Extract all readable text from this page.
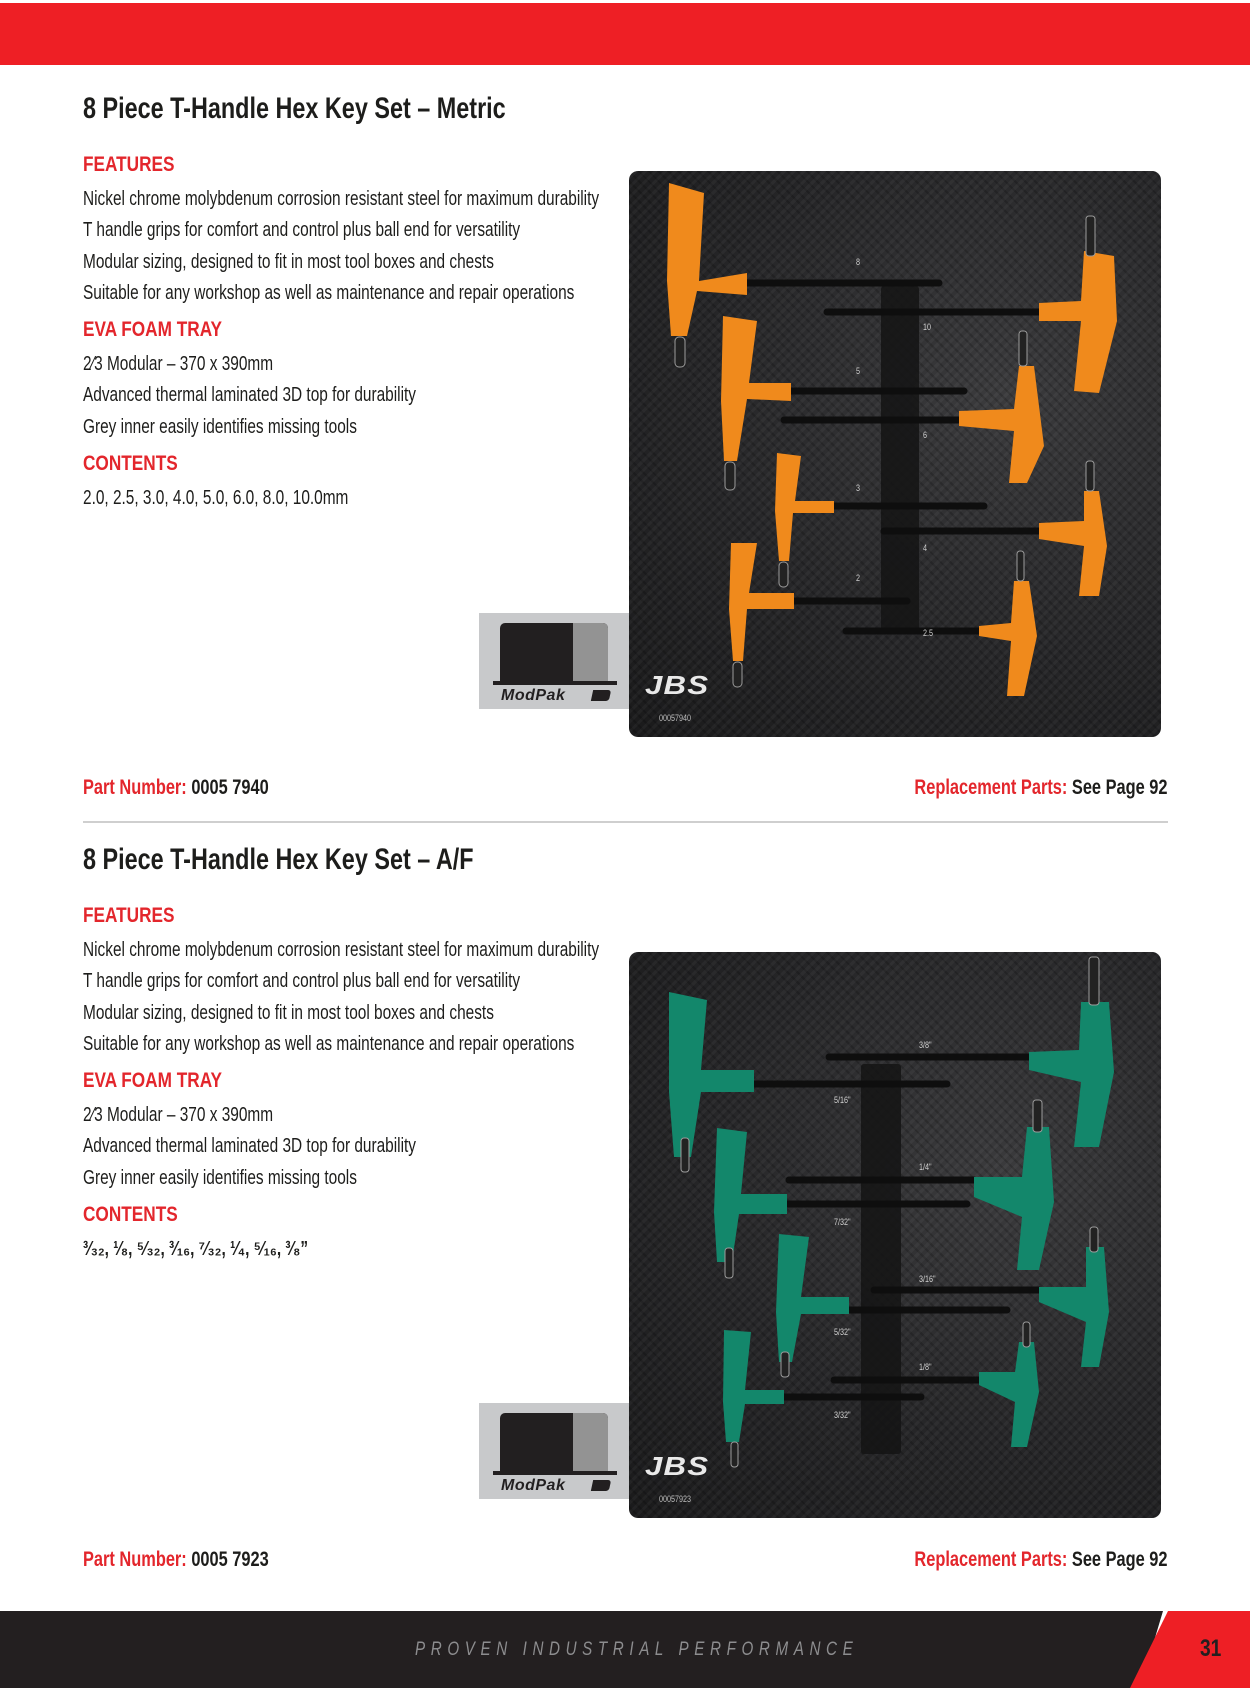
8 Piece T-Handle Hex Key Set – Metric
FEATURES
Nickel chrome molybdenum corrosion resistant steel for maximum durability
T handle grips for comfort and control plus ball end for versatility
Modular sizing, designed to fit in most tool boxes and chests
Suitable for any workshop as well as maintenance and repair operations
EVA FOAM TRAY
2⁄3 Modular – 370 x 390mm
Advanced thermal laminated 3D top for durability
Grey inner easily identifies missing tools
CONTENTS
2.0, 2.5, 3.0, 4.0, 5.0, 6.0, 8.0, 10.0mm
ModPak
8
10
5
6
3
4
2
2.5
JBS
00057940
Part Number: 0005 7940	Replacement Parts: See Page 92
8 Piece T-Handle Hex Key Set – A/F
FEATURES
Nickel chrome molybdenum corrosion resistant steel for maximum durability
T handle grips for comfort and control plus ball end for versatility
Modular sizing, designed to fit in most tool boxes and chests
Suitable for any workshop as well as maintenance and repair operations
EVA FOAM TRAY
2⁄3 Modular – 370 x 390mm
Advanced thermal laminated 3D top for durability
Grey inner easily identifies missing tools
CONTENTS
³⁄₃₂, ¹⁄₈, ⁵⁄₃₂, ³⁄₁₆, ⁷⁄₃₂, ¹⁄₄, ⁵⁄₁₆, ³⁄₈”
ModPak
3/8"
5/16"
1/4"
7/32"
3/16"
5/32"
1/8"
3/32"
JBS
00057923
Part Number: 0005 7923	Replacement Parts: See Page 92
PROVEN INDUSTRIAL PERFORMANCE	31
